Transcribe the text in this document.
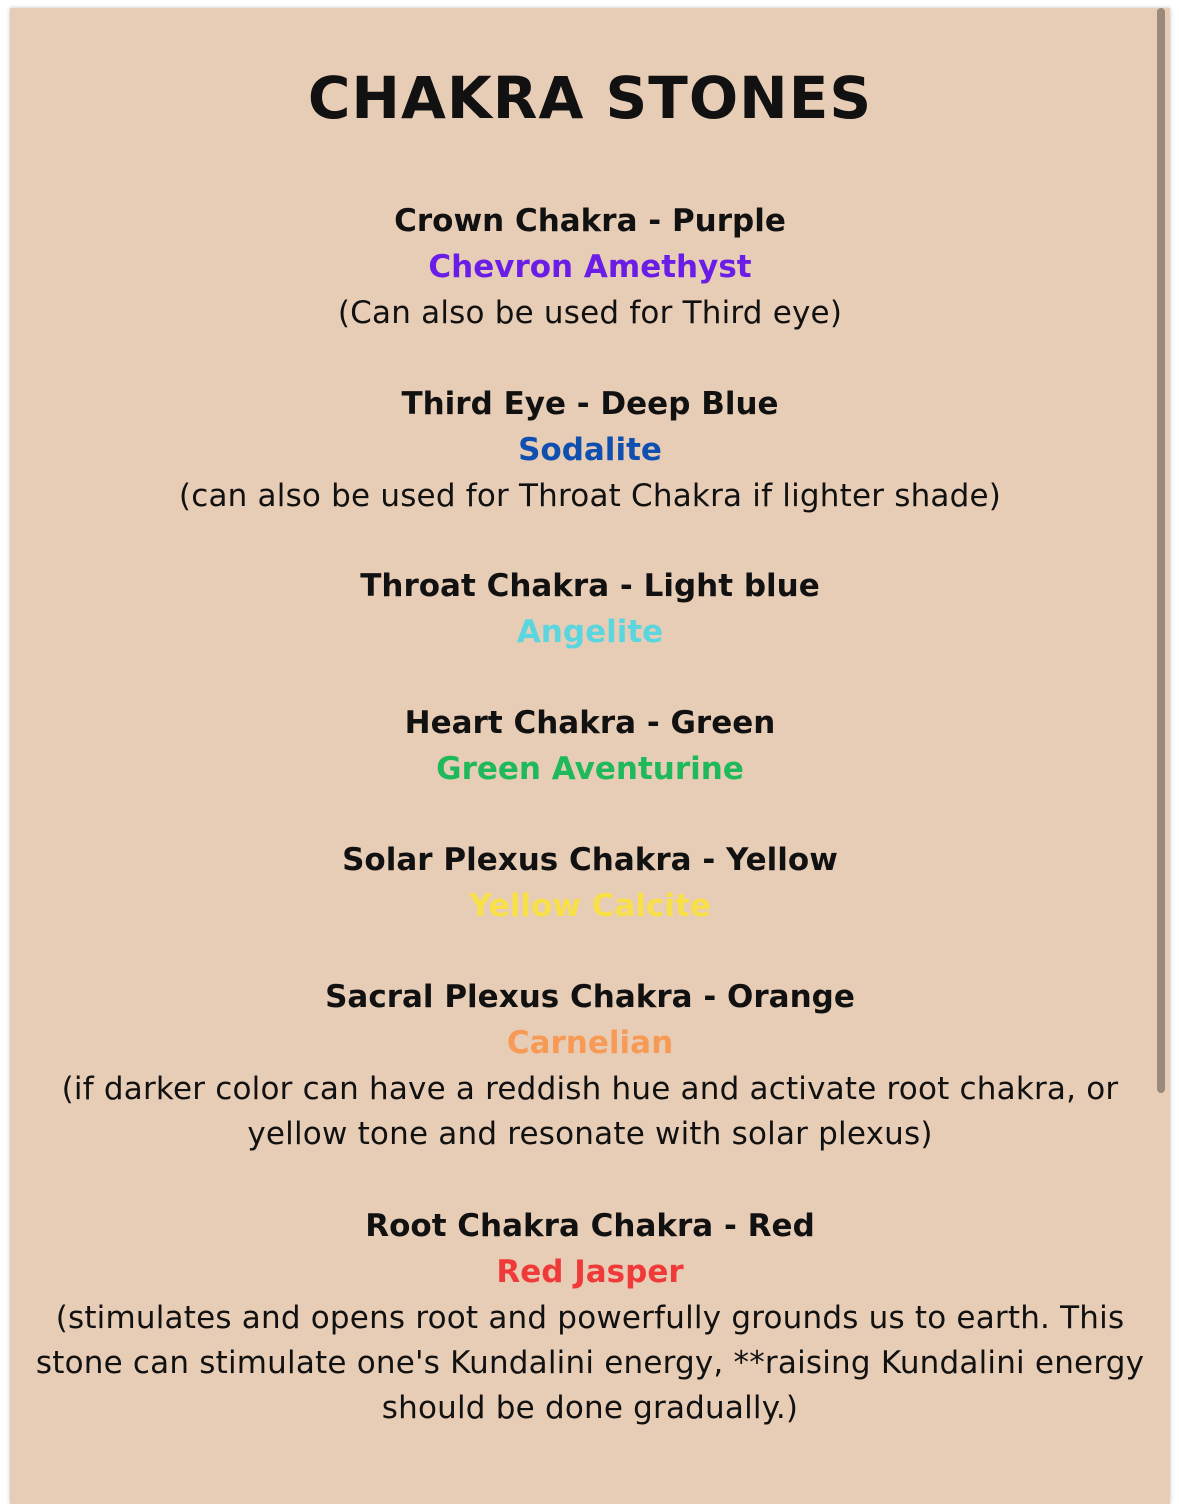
CHAKRA STONES
Crown Chakra - Purple
Chevron Amethyst
(Can also be used for Third eye)
Third Eye - Deep Blue
Sodalite
(can also be used for Throat Chakra if lighter shade)
Throat Chakra - Light blue
Angelite
Heart Chakra - Green
Green Aventurine
Solar Plexus Chakra - Yellow
Yellow Calcite
Sacral Plexus Chakra - Orange
Carnelian
(if darker color can have a reddish hue and activate root chakra, or
yellow tone and resonate with solar plexus)
Root Chakra Chakra - Red
Red Jasper
(stimulates and opens root and powerfully grounds us to earth. This
stone can stimulate one's Kundalini energy, **raising Kundalini energy
should be done gradually.)
